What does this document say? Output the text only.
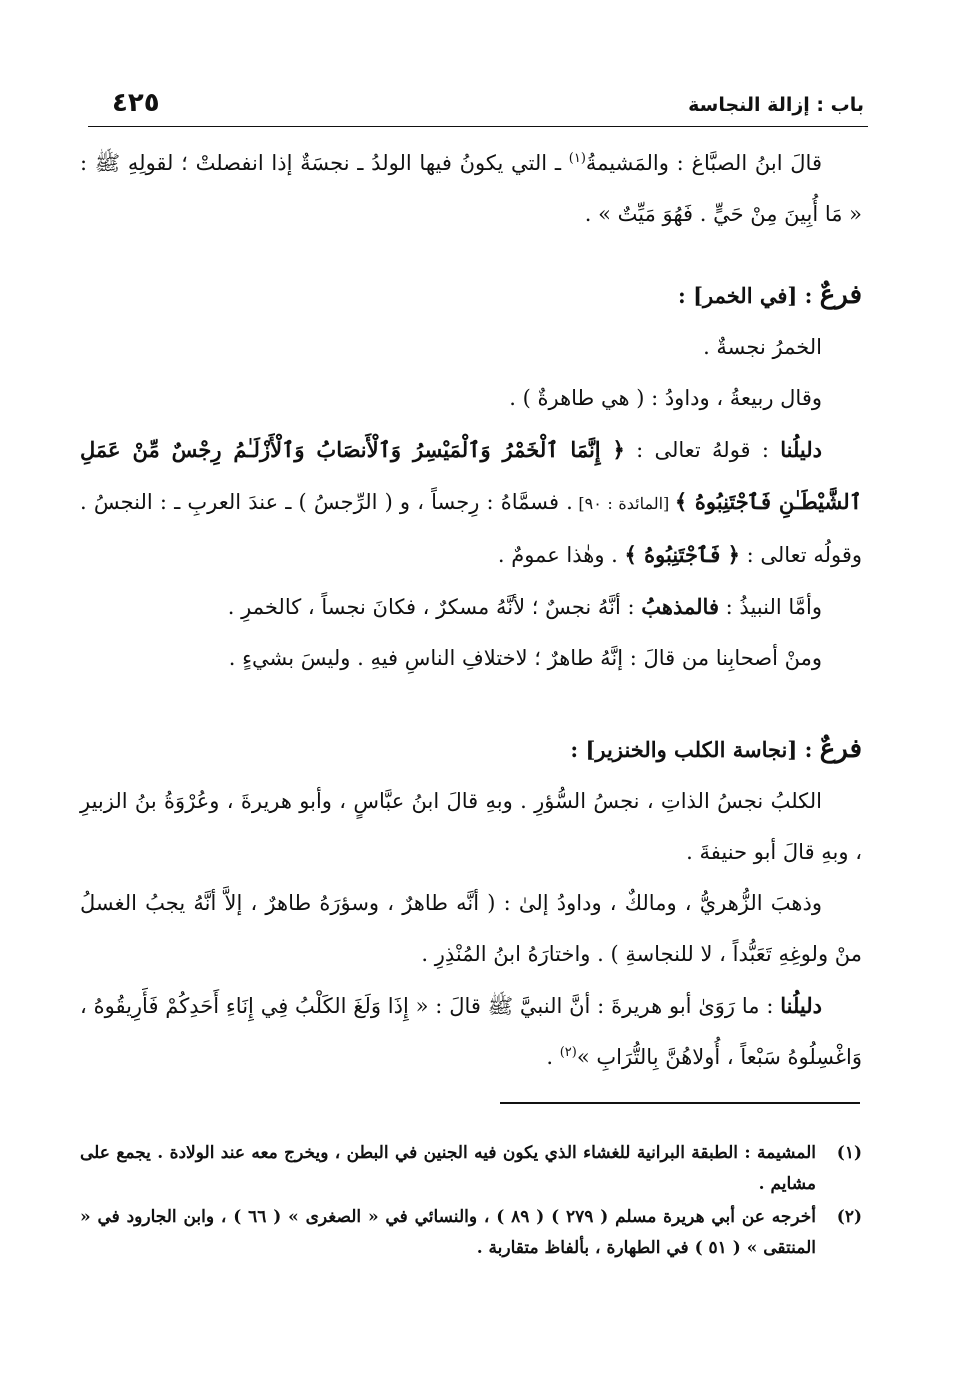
٤٢٥	باب : إزالة النجاسة

قالَ ابنُ الصبَّاغ : والمَشيمةُ$^{(١)}$ ـ التي يكونُ فيها الولدُ ـ نجسَةٌ إذا انفصلتْ ؛ لقولِهِ ﷺ : « مَا أُبِينَ مِنْ حَيٍّ . فَهُوَ مَيِّتٌ » .

فرعٌ : [في الخمر] :

الخمرُ نجسةٌ .

وقال ربيعةُ ، وداودُ : ( هي طاهرةٌ ) .

دليلُنا : قولهُ تعالى : ﴿ إِنَّمَا ٱلْخَمْرُ وَٱلْمَيْسِرُ وَٱلْأَنصَابُ وَٱلْأَزْلَـٰمُ رِجْسٌ مِّنْ عَمَلِ ٱلشَّيْطَـٰنِ فَٱجْتَنِبُوهُ ﴾ [المائدة : ٩٠] . فسمَّاهُ : رِجساً ، و ( الرِّجسُ ) ـ عندَ العربِ ـ : النجسُ . وقولُه تعالى : ﴿ فَٱجْتَنِبُوهُ ﴾ . وهٰذا عمومٌ .

وأمَّا النبيذُ : فالمذهبُ : أنَّهُ نجسٌ ؛ لأنَّهُ مسكرٌ ، فكانَ نجساً ، كالخمرِ .

ومنْ أصحابِنا من قالَ : إنَّهُ طاهرٌ ؛ لاختلافِ الناسِ فيهِ . وليسَ بشيءٍ .

فرعٌ : [نجاسة الكلب والخنزير] :

الكلبُ نجسُ الذاتِ ، نجسُ السُّؤرِ . وبهِ قالَ ابنُ عبَّاسٍ ، وأبو هريرةَ ، وعُرْوَةُ بنُ الزبيرِ ، وبهِ قالَ أبو حنيفةَ .

وذهبَ الزُّهريُّ ، ومالكٌ ، وداودُ إلىٰ : ( أنَّه طاهرٌ ، وسؤرَهُ طاهرٌ ، إلاَّ أنَّهُ يجبُ الغسلُ منْ ولوغِهِ تَعَبُّداً ، لا للنجاسةِ ) . واختارَهُ ابنُ المُنْذِرِ .

دليلُنا : ما رَوَىٰ أبو هريرةَ : أنَّ النبيَّ ﷺ قالَ : « إِذَا وَلَغَ الكَلْبُ فِي إِنَاءِ أَحَدِكُمْ فَأَرِيقُوهُ ، وَاغْسِلُوهُ سَبْعاً ، أُولاهُنَّ بِالتُّرَابِ »$^{(٢)}$ .

(١)
المشيمة : الطبقة البرانية للغشاء الذي يكون فيه الجنين في البطن ، ويخرج معه عند الولادة . يجمع على مشايم .

(٢)
أخرجه عن أبي هريرة مسلم ( ٢٧٩ ) ( ٨٩ ) ، والنسائي في « الصغرى » ( ٦٦ ) ، وابن الجارود في « المنتقى » ( ٥١ ) في الطهارة ، بألفاظ متقاربة .
